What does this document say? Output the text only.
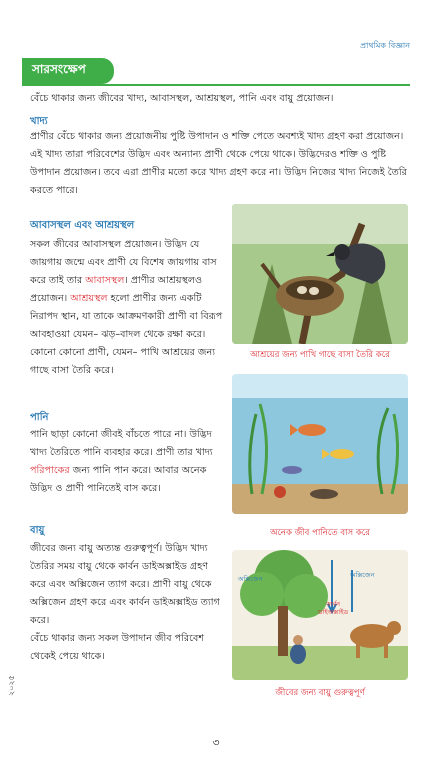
প্রাথমিক বিজ্ঞান
সারসংক্ষেপ

বেঁচে থাকার জন্য জীবের খাদ্য, আবাসস্থল, আশ্রয়স্থল, পানি এবং বায়ু প্রয়োজন।

খাদ্য

প্রাণীর বেঁচে থাকার জন্য প্রয়োজনীয় পুষ্টি উপাদান ও শক্তি পেতে অবশ্যই খাদ্য গ্রহণ করা প্রয়োজন। এই খাদ্য তারা পরিবেশের উদ্ভিদ এবং অন্যান্য প্রাণী থেকে পেয়ে থাকে। উদ্ভিদেরও শক্তি ও পুষ্টি উপাদান প্রয়োজন। তবে এরা প্রাণীর মতো করে খাদ্য গ্রহণ করে না। উদ্ভিদ নিজের খাদ্য নিজেই তৈরি করতে পারে।

আবাসস্থল এবং আশ্রয়স্থল

সকল জীবের আবাসস্থল প্রয়োজন। উদ্ভিদ যে জায়গায় জন্মে এবং প্রাণী যে বিশেষ জায়গায় বাস করে তাই তার আবাসস্থল। প্রাণীর আশ্রয়স্থলও প্রয়োজন। আশ্রয়স্থল হলো প্রাণীর জন্য একটি নিরাপদ স্থান, যা তাকে আক্রমণকারী প্রাণী বা বিরূপ আবহাওয়া যেমন– ঝড়–বাদল থেকে রক্ষা করে। কোনো কোনো প্রাণী, যেমন– পাখি আশ্রয়ের জন্য গাছে বাসা তৈরি করে।

আশ্রয়ের জন্য পাখি গাছে বাসা তৈরি করে
পানি

পানি ছাড়া কোনো জীবই বাঁচতে পারে না। উদ্ভিদ খাদ্য তৈরিতে পানি ব্যবহার করে। প্রাণী তার খাদ্য পরিপাকের জন্য পানি পান করে। আবার অনেক উদ্ভিদ ও প্রাণী পানিতেই বাস করে।

অনেক জীব পানিতে বাস করে
বায়ু

জীবের জন্য বায়ু অত্যন্ত গুরুত্বপূর্ণ। উদ্ভিদ খাদ্য তৈরির সময় বায়ু থেকে কার্বন ডাইঅক্সাইড গ্রহণ করে এবং অক্সিজেন ত্যাগ করে। প্রাণী বায়ু থেকে অক্সিজেন গ্রহণ করে এবং কার্বন ডাইঅক্সাইড ত্যাগ করে।

বেঁচে থাকার জন্য সকল উপাদান জীব পরিবেশ থেকেই পেয়ে থাকে।

অক্সিজেন	অক্সিজেন
কার্বন ডাইঅক্সাইড
জীবের জন্য বায়ু গুরুত্বপূর্ণ
২০২৫
৩
